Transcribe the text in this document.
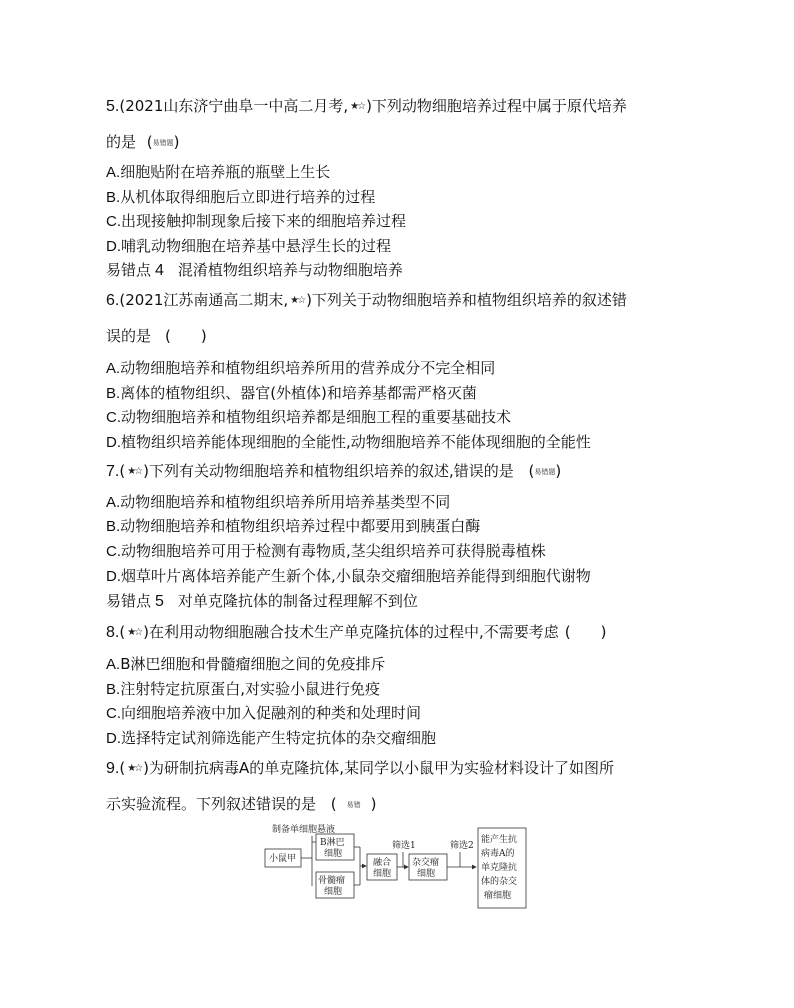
5.(2021山东济宁曲阜一中高二月考, ★☆ )下列动物细胞培养过程中属于原代培养
的是 (易错题)
A.细胞贴附在培养瓶的瓶壁上生长
B.从机体取得细胞后立即进行培养的过程
C.出现接触抑制现象后接下来的细胞培养过程
D.哺乳动物细胞在培养基中悬浮生长的过程
易错点 4 混淆植物组织培养与动物细胞培养
6.(2021江苏南通高二期末, ★☆ )下列关于动物细胞培养和植物组织培养的叙述错
误的是 (　　)
A.动物细胞培养和植物组织培养所用的营养成分不完全相同
B.离体的植物组织、器官(外植体)和培养基都需严格灭菌
C.动物细胞培养和植物组织培养都是细胞工程的重要基础技术
D.植物组织培养能体现细胞的全能性,动物细胞培养不能体现细胞的全能性
7.( ★☆ )下列有关动物细胞培养和植物组织培养的叙述,错误的是 (易错题)
A.动物细胞培养和植物组织培养所用培养基类型不同
B.动物细胞培养和植物组织培养过程中都要用到胰蛋白酶
C.动物细胞培养可用于检测有毒物质,茎尖组织培养可获得脱毒植株
D.烟草叶片离体培养能产生新个体,小鼠杂交瘤细胞培养能得到细胞代谢物
易错点 5 对单克隆抗体的制备过程理解不到位
8.( ★☆ )在利用动物细胞融合技术生产单克隆抗体的过程中,不需要考虑 (　　)
A.B淋巴细胞和骨髓瘤细胞之间的免疫排斥
B.注射特定抗原蛋白,对实验小鼠进行免疫
C.向细胞培养液中加入促融剂的种类和处理时间
D.选择特定试剂筛选能产生特定抗体的杂交瘤细胞
9.( ★☆ )为研制抗病毒A的单克隆抗体,某同学以小鼠甲为实验材料设计了如图所
示实验流程。下列叙述错误的是 ( 易错 )
制备单细胞悬液
小鼠甲
B淋巴
细胞
骨髓瘤
细胞
融合
细胞
筛选1
杂交瘤
细胞
筛选2
能产生抗
病毒A的
单克隆抗
体的杂交
瘤细胞
